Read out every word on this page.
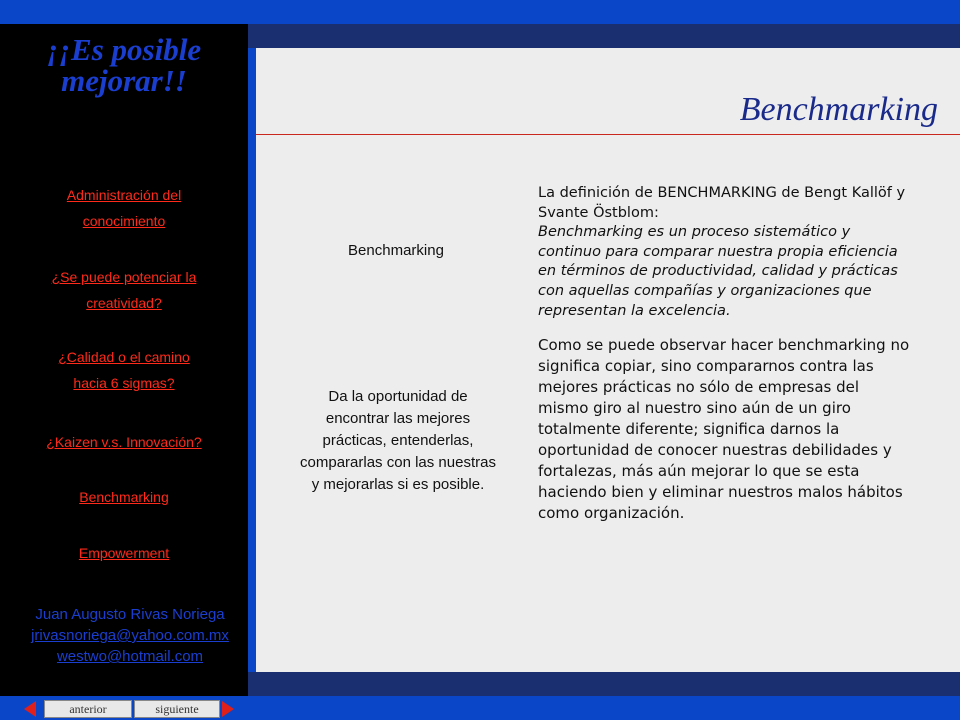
¡¡Es posible mejorar!!
Administración del
conocimiento
¿Se puede potenciar la
creatividad?
¿Calidad o el camino
hacia 6 sigmas?
¿Kaizen v.s. Innovación?
Benchmarking
Empowerment
Juan Augusto Rivas Noriega
jrivasnoriega@yahoo.com.mx
westwo@hotmail.com
Benchmarking
Benchmarking
Da la oportunidad de encontrar las mejores prácticas, entenderlas, compararlas con las nuestras y mejorarlas si es posible.
La definición de BENCHMARKING de Bengt Kallöf y Svante Östblom:
Benchmarking es un proceso sistemático y continuo para comparar nuestra propia eficiencia en términos de productividad, calidad y prácticas con aquellas compañías y organizaciones que representan la excelencia.
Como se puede observar hacer benchmarking no significa copiar, sino compararnos contra las mejores prácticas no sólo de empresas del mismo giro al nuestro sino aún de un giro totalmente diferente; significa darnos la oportunidad de conocer nuestras debilidades y fortalezas, más aún mejorar lo que se esta haciendo bien y eliminar nuestros malos hábitos como organización.
anterior	siguiente
